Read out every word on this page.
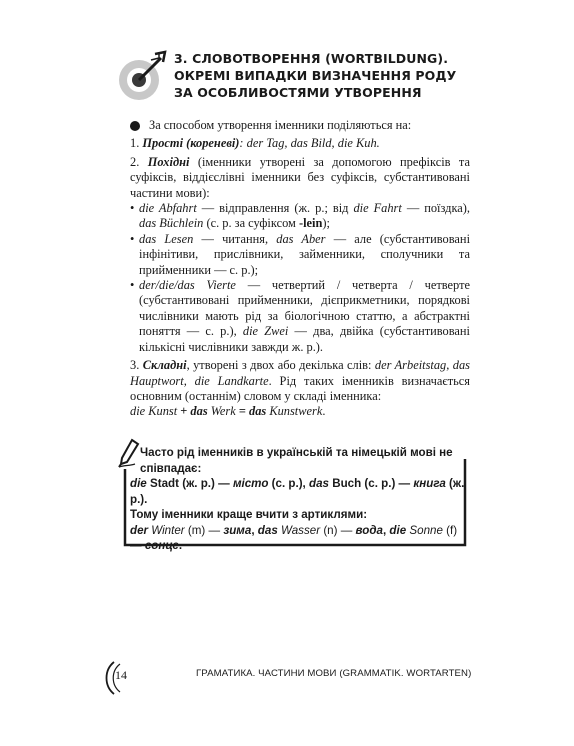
3. СЛОВОТВОРЕННЯ (WORTBILDUNG).
ОКРЕМІ ВИПАДКИ ВИЗНАЧЕННЯ РОДУ
ЗА ОСОБЛИВОСТЯМИ УТВОРЕННЯ

За способом утворення іменники поділяються на:

1. Прості (кореневі): der Tag, das Bild, die Kuh.

2. Похідні (іменники утворені за допомогою префіксів та суфіксів, віддієслівні іменники без суфіксів, субстантивовані частини мови):

• die Abfahrt — відправлення (ж. р.; від die Fahrt — поїздка), das Büchlein (с. р. за суфіксом -lein);

• das Lesen — читання, das Aber — але (субстантивовані інфінітиви, прислівники, займенники, сполучники та прийменники — с. р.);

• der/die/das Vierte — четвертий / четверта / четверте (субстантивовані прийменники, дієприкметники, порядкові числівники мають рід за біологічною статтю, а абстрактні поняття — с. р.), die Zwei — два, двійка (субстантивовані кількісні числівники завжди ж. р.).

3. Складні, утворені з двох або декілька слів: der Arbeitstag, das Hauptwort, die Landkarte. Рід таких іменників визначається основним (останнім) словом у складі іменника:

die Kunst + das Werk = das Kunstwerk.

Часто рід іменників в українській та німецькій мові не співпадає:

die Stadt (ж. р.) — місто (с. р.), das Buch (с. р.) — книга (ж. р.).

Тому іменники краще вчити з артиклями:

der Winter (m) — зима, das Wasser (n) — вода, die Sonne (f) — сонце.

14	ГРАМАТИКА. ЧАСТИНИ МОВИ (GRAMMATIK. WORTARTEN)
